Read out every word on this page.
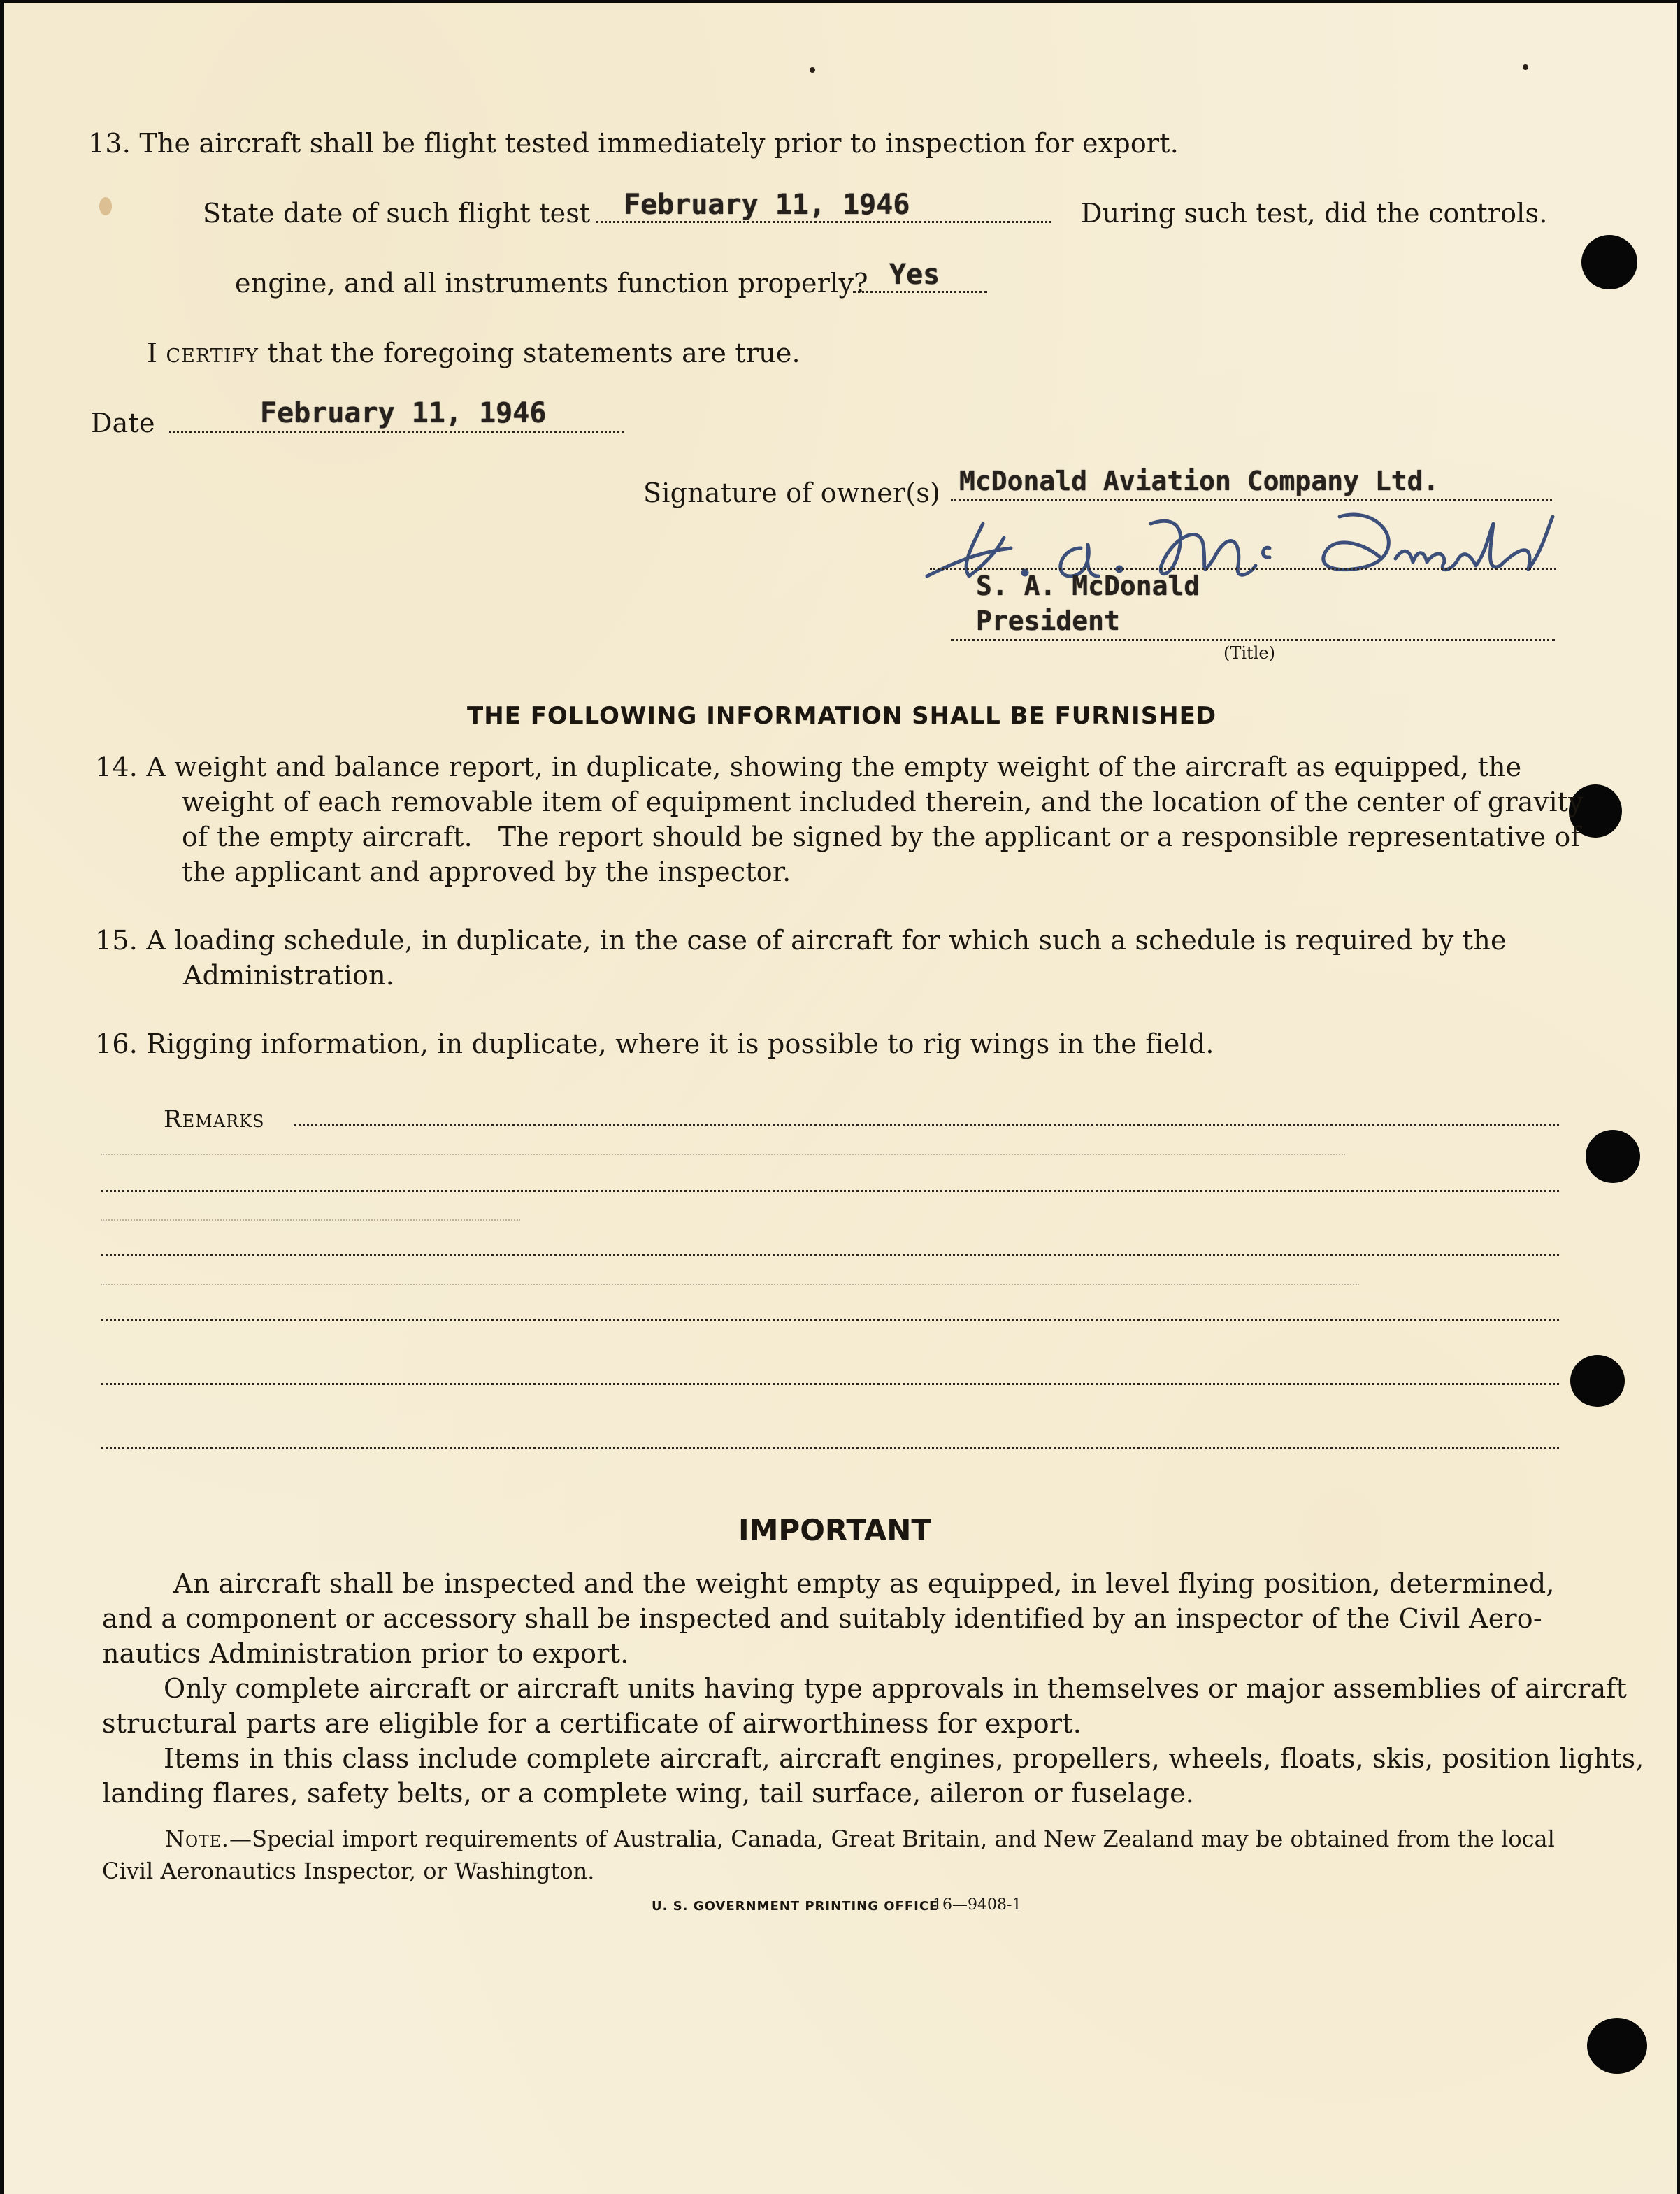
13. The aircraft shall be flight tested immediately prior to inspection for export.
State date of such flight test February 11, 1946	During such test, did the controls.
engine, and all instruments function properly? Yes
I certify that the foregoing statements are true.
Date	February 11, 1946
Signature of owner(s) McDonald Aviation Company Ltd.
S. A. McDonald
President
(Title)
THE FOLLOWING INFORMATION SHALL BE FURNISHED
14. A weight and balance report, in duplicate, showing the empty weight of the aircraft as equipped, the
weight of each removable item of equipment included therein, and the location of the center of gravity
of the empty aircraft.   The report should be signed by the applicant or a responsible representative of
the applicant and approved by the inspector.
15. A loading schedule, in duplicate, in the case of aircraft for which such a schedule is required by the
Administration.
16. Rigging information, in duplicate, where it is possible to rig wings in the field.
Remarks
IMPORTANT
An aircraft shall be inspected and the weight empty as equipped, in level flying position, determined,
and a component or accessory shall be inspected and suitably identified by an inspector of the Civil Aero-
nautics Administration prior to export.
Only complete aircraft or aircraft units having type approvals in themselves or major assemblies of aircraft
structural parts are eligible for a certificate of airworthiness for export.
Items in this class include complete aircraft, aircraft engines, propellers, wheels, floats, skis, position lights,
landing flares, safety belts, or a complete wing, tail surface, aileron or fuselage.
Note.—Special import requirements of Australia, Canada, Great Britain, and New Zealand may be obtained from the local
Civil Aeronautics Inspector, or Washington.
U. S. GOVERNMENT PRINTING OFFICE
16—9408-1
